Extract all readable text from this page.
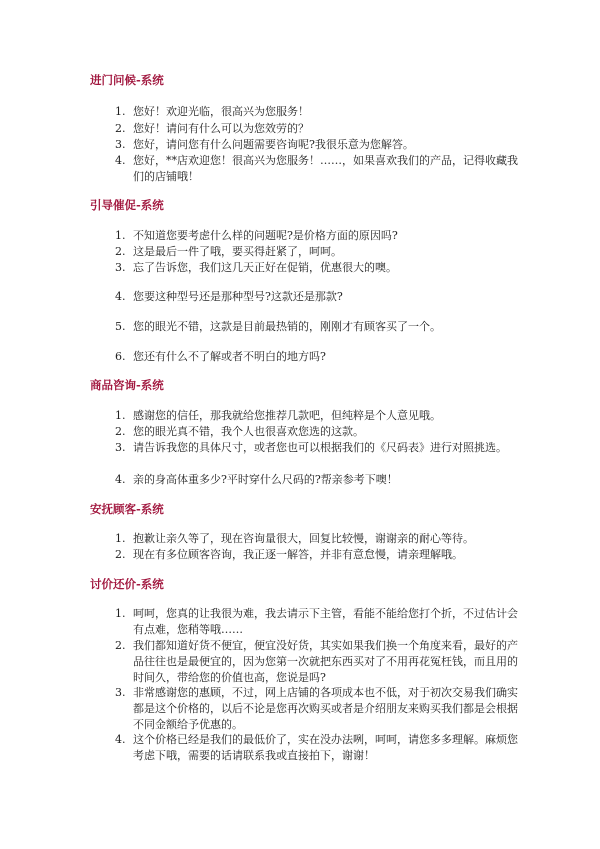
进门问候-系统
1. 您好！欢迎光临，很高兴为您服务！
2. 您好！请问有什么可以为您效劳的？
3. 您好，请问您有什么问题需要咨询呢?我很乐意为您解答。
4. 您好，**店欢迎您！很高兴为您服务！……，如果喜欢我们的产品，记得收藏我们的店铺哦！
引导催促-系统
1. 不知道您要考虑什么样的问题呢?是价格方面的原因吗?
2. 这是最后一件了哦，要买得赶紧了，呵呵。
3. 忘了告诉您，我们这几天正好在促销，优惠很大的噢。
4. 您要这种型号还是那种型号?这款还是那款?
5. 您的眼光不错，这款是目前最热销的，刚刚才有顾客买了一个。
6. 您还有什么不了解或者不明白的地方吗?
商品咨询-系统
1. 感谢您的信任，那我就给您推荐几款吧，但纯粹是个人意见哦。
2. 您的眼光真不错，我个人也很喜欢您选的这款。
3. 请告诉我您的具体尺寸，或者您也可以根据我们的《尺码表》进行对照挑选。
4. 亲的身高体重多少?平时穿什么尺码的?帮亲参考下噢！
安抚顾客-系统
1. 抱歉让亲久等了，现在咨询量很大，回复比较慢，谢谢亲的耐心等待。
2. 现在有多位顾客咨询，我正逐一解答，并非有意怠慢，请亲理解哦。
讨价还价-系统
1. 呵呵，您真的让我很为难，我去请示下主管，看能不能给您打个折，不过估计会有点难，您稍等哦……
2. 我们都知道好货不便宜，便宜没好货，其实如果我们换一个角度来看，最好的产品往往也是最便宜的，因为您第一次就把东西买对了不用再花冤枉钱，而且用的时间久，带给您的价值也高，您说是吗?
3. 非常感谢您的惠顾，不过，网上店铺的各项成本也不低，对于初次交易我们确实都是这个价格的，以后不论是您再次购买或者是介绍朋友来购买我们都是会根据不同金额给予优惠的。
4. 这个价格已经是我们的最低价了，实在没办法咧，呵呵，请您多多理解。麻烦您考虑下哦，需要的话请联系我或直接拍下，谢谢！
